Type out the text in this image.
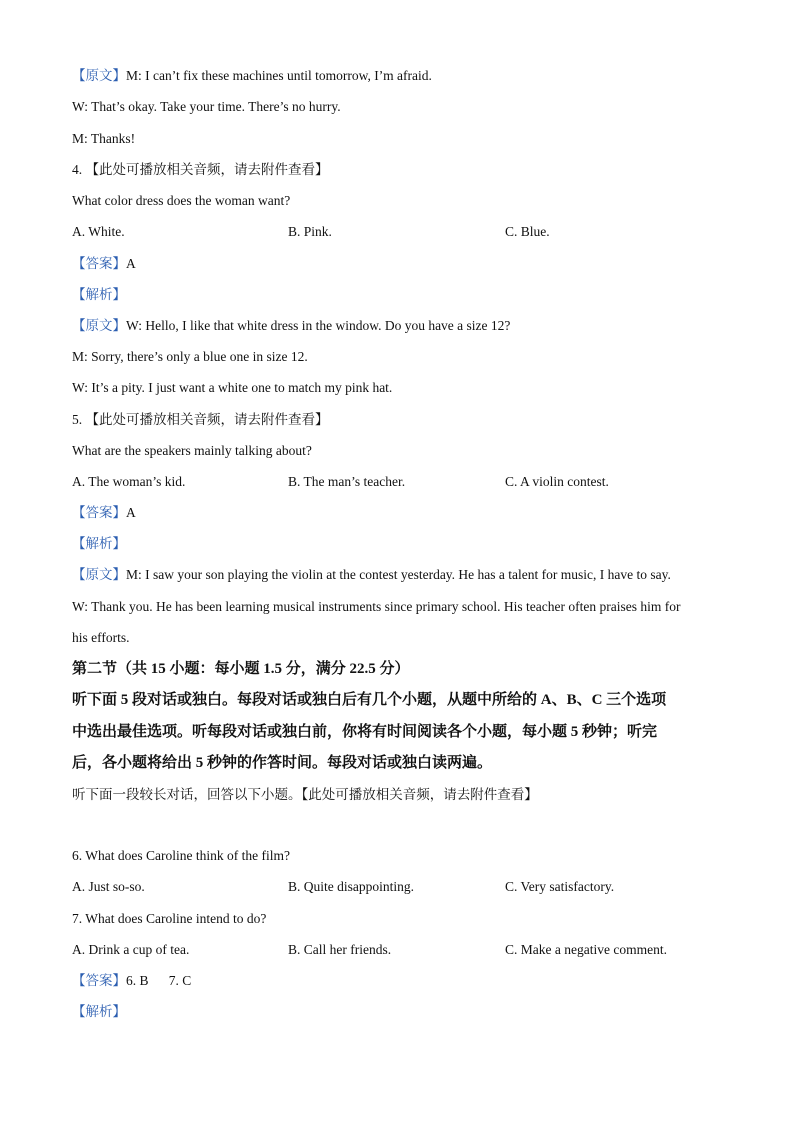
【原文】M: I can’t fix these machines until tomorrow, I’m afraid.
W: That’s okay. Take your time. There’s no hurry.
M: Thanks!
4. 【此处可播放相关音频，请去附件查看】
What color dress does the woman want?
A. White.	B. Pink.	C. Blue.
【答案】A
【解析】
【原文】W: Hello, I like that white dress in the window. Do you have a size 12?
M: Sorry, there’s only a blue one in size 12.
W: It’s a pity. I just want a white one to match my pink hat.
5. 【此处可播放相关音频，请去附件查看】
What are the speakers mainly talking about?
A. The woman’s kid.	B. The man’s teacher.	C. A violin contest.
【答案】A
【解析】
【原文】M: I saw your son playing the violin at the contest yesterday. He has a talent for music, I have to say.
W: Thank you. He has been learning musical instruments since primary school. His teacher often praises him for
his efforts.
第二节（共 15 小题：每小题 1.5 分，满分 22.5 分）
听下面 5 段对话或独白。每段对话或独白后有几个小题，从题中所给的 A、B、C 三个选项
中选出最佳选项。听每段对话或独白前，你将有时间阅读各个小题，每小题 5 秒钟；听完
后，各小题将给出 5 秒钟的作答时间。每段对话或独白读两遍。
听下面一段较长对话，回答以下小题。【此处可播放相关音频，请去附件查看】
6. What does Caroline think of the film?
A. Just so-so.	B. Quite disappointing.	C. Very satisfactory.
7. What does Caroline intend to do?
A. Drink a cup of tea.	B. Call her friends.	C. Make a negative comment.
【答案】6. B      7. C
【解析】
